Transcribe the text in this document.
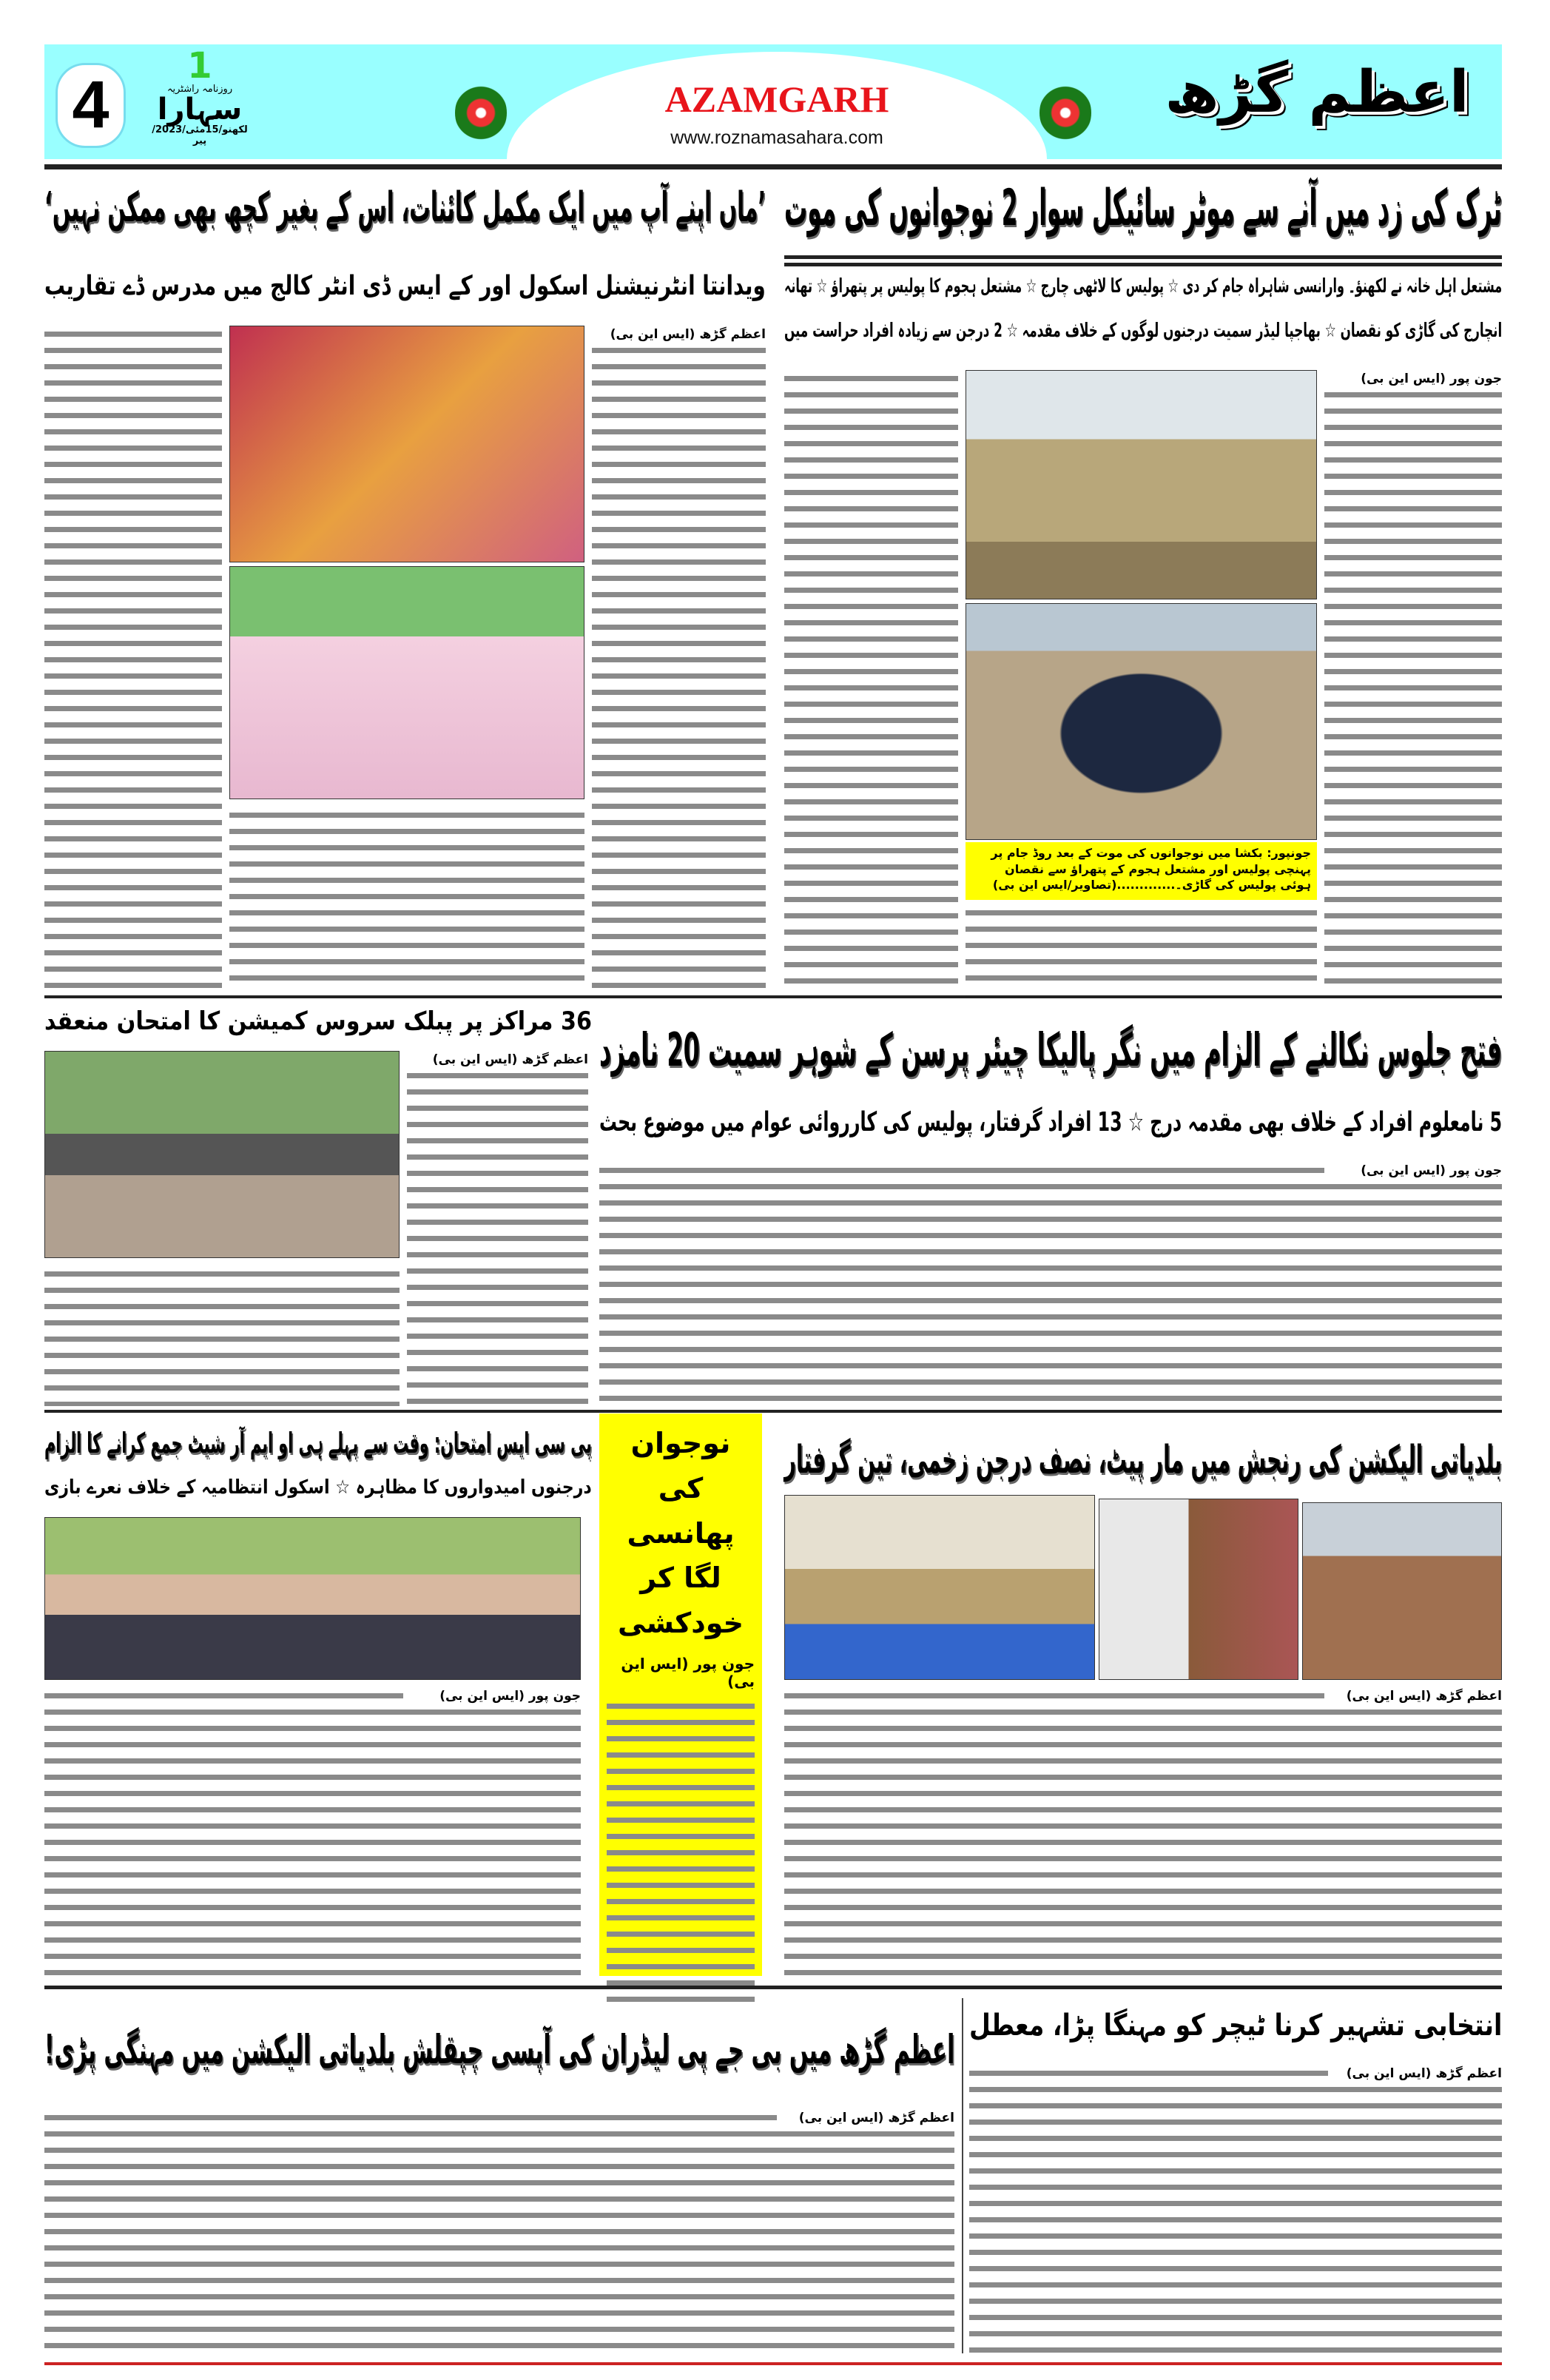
4
1
روزنامہ راشٹریہ
سہارا
لکھنو/15مئی/2023/پیر
AZAMGARH
www.roznamasahara.com
اعظم گڑھ
ٹرک کی زد میں آنے سے موٹر سائیکل سوار 2 نوجوانوں کی موت
مشتعل اہل خانہ نے لکھنؤ۔ وارانسی شاہراہ جام کر دی ☆ پولیس کا لاٹھی چارج ☆ مشتعل ہجوم کا پولیس پر پتھراؤ ☆ تھانہ
انچارج کی گاڑی کو نقصان ☆ بھاجپا لیڈر سمیت درجنوں لوگوں کے خلاف مقدمہ ☆ 2 درجن سے زیادہ افراد حراست میں
جون پور (ایس این بی)
جونپور: بکشا میں نوجوانوں کی موت کے بعد روڈ جام پر پہنچی پولیس اور مشتعل ہجوم کے پتھراؤ سے نقصان ہوئی پولیس کی گاڑی۔.............(تصاویر/ایس این بی)
’ماں اپنے آپ میں ایک مکمل کائنات، اس کے بغیر کچھ بھی ممکن نہیں‘
ویدانتا انٹرنیشنل اسکول اور کے ایس ڈی انٹر کالج میں مدرس ڈے تقاریب
اعظم گڑھ (ایس این بی)
36 مراکز پر پبلک سروس کمیشن کا امتحان منعقد
اعظم گڑھ (ایس این بی) فتح جلوس نکالنے کے الزام میں نگر پالیکا چیئر پرسن کے شوہر سمیت 20 نامزد
5 نامعلوم افراد کے خلاف بھی مقدمہ درج ☆ 13 افراد گرفتار، پولیس کی کارروائی عوام میں موضوع بحث
جون پور (ایس این بی)
پی سی ایس امتحان: وقت سے پہلے ہی او ایم آر شیٹ جمع کرانے کا الزام
درجنوں امیدواروں کا مظاہرہ ☆ اسکول انتظامیہ کے خلاف نعرے بازی
جون پور (ایس این بی)
نوجوان کی پھانسی لگا کر خودکشی
جون پور (ایس این بی)
بلدیاتی الیکشن کی رنجش میں مار پیٹ، نصف درجن زخمی، تین گرفتار
اعظم گڑھ (ایس این بی)
انتخابی تشہیر کرنا ٹیچر کو مہنگا پڑا، معطل
اعظم گڑھ (ایس این بی)
اعظم گڑھ میں بی جے پی لیڈران کی آپسی چپقلش بلدیاتی الیکشن میں مہنگی پڑی!
اعظم گڑھ (ایس این بی)
